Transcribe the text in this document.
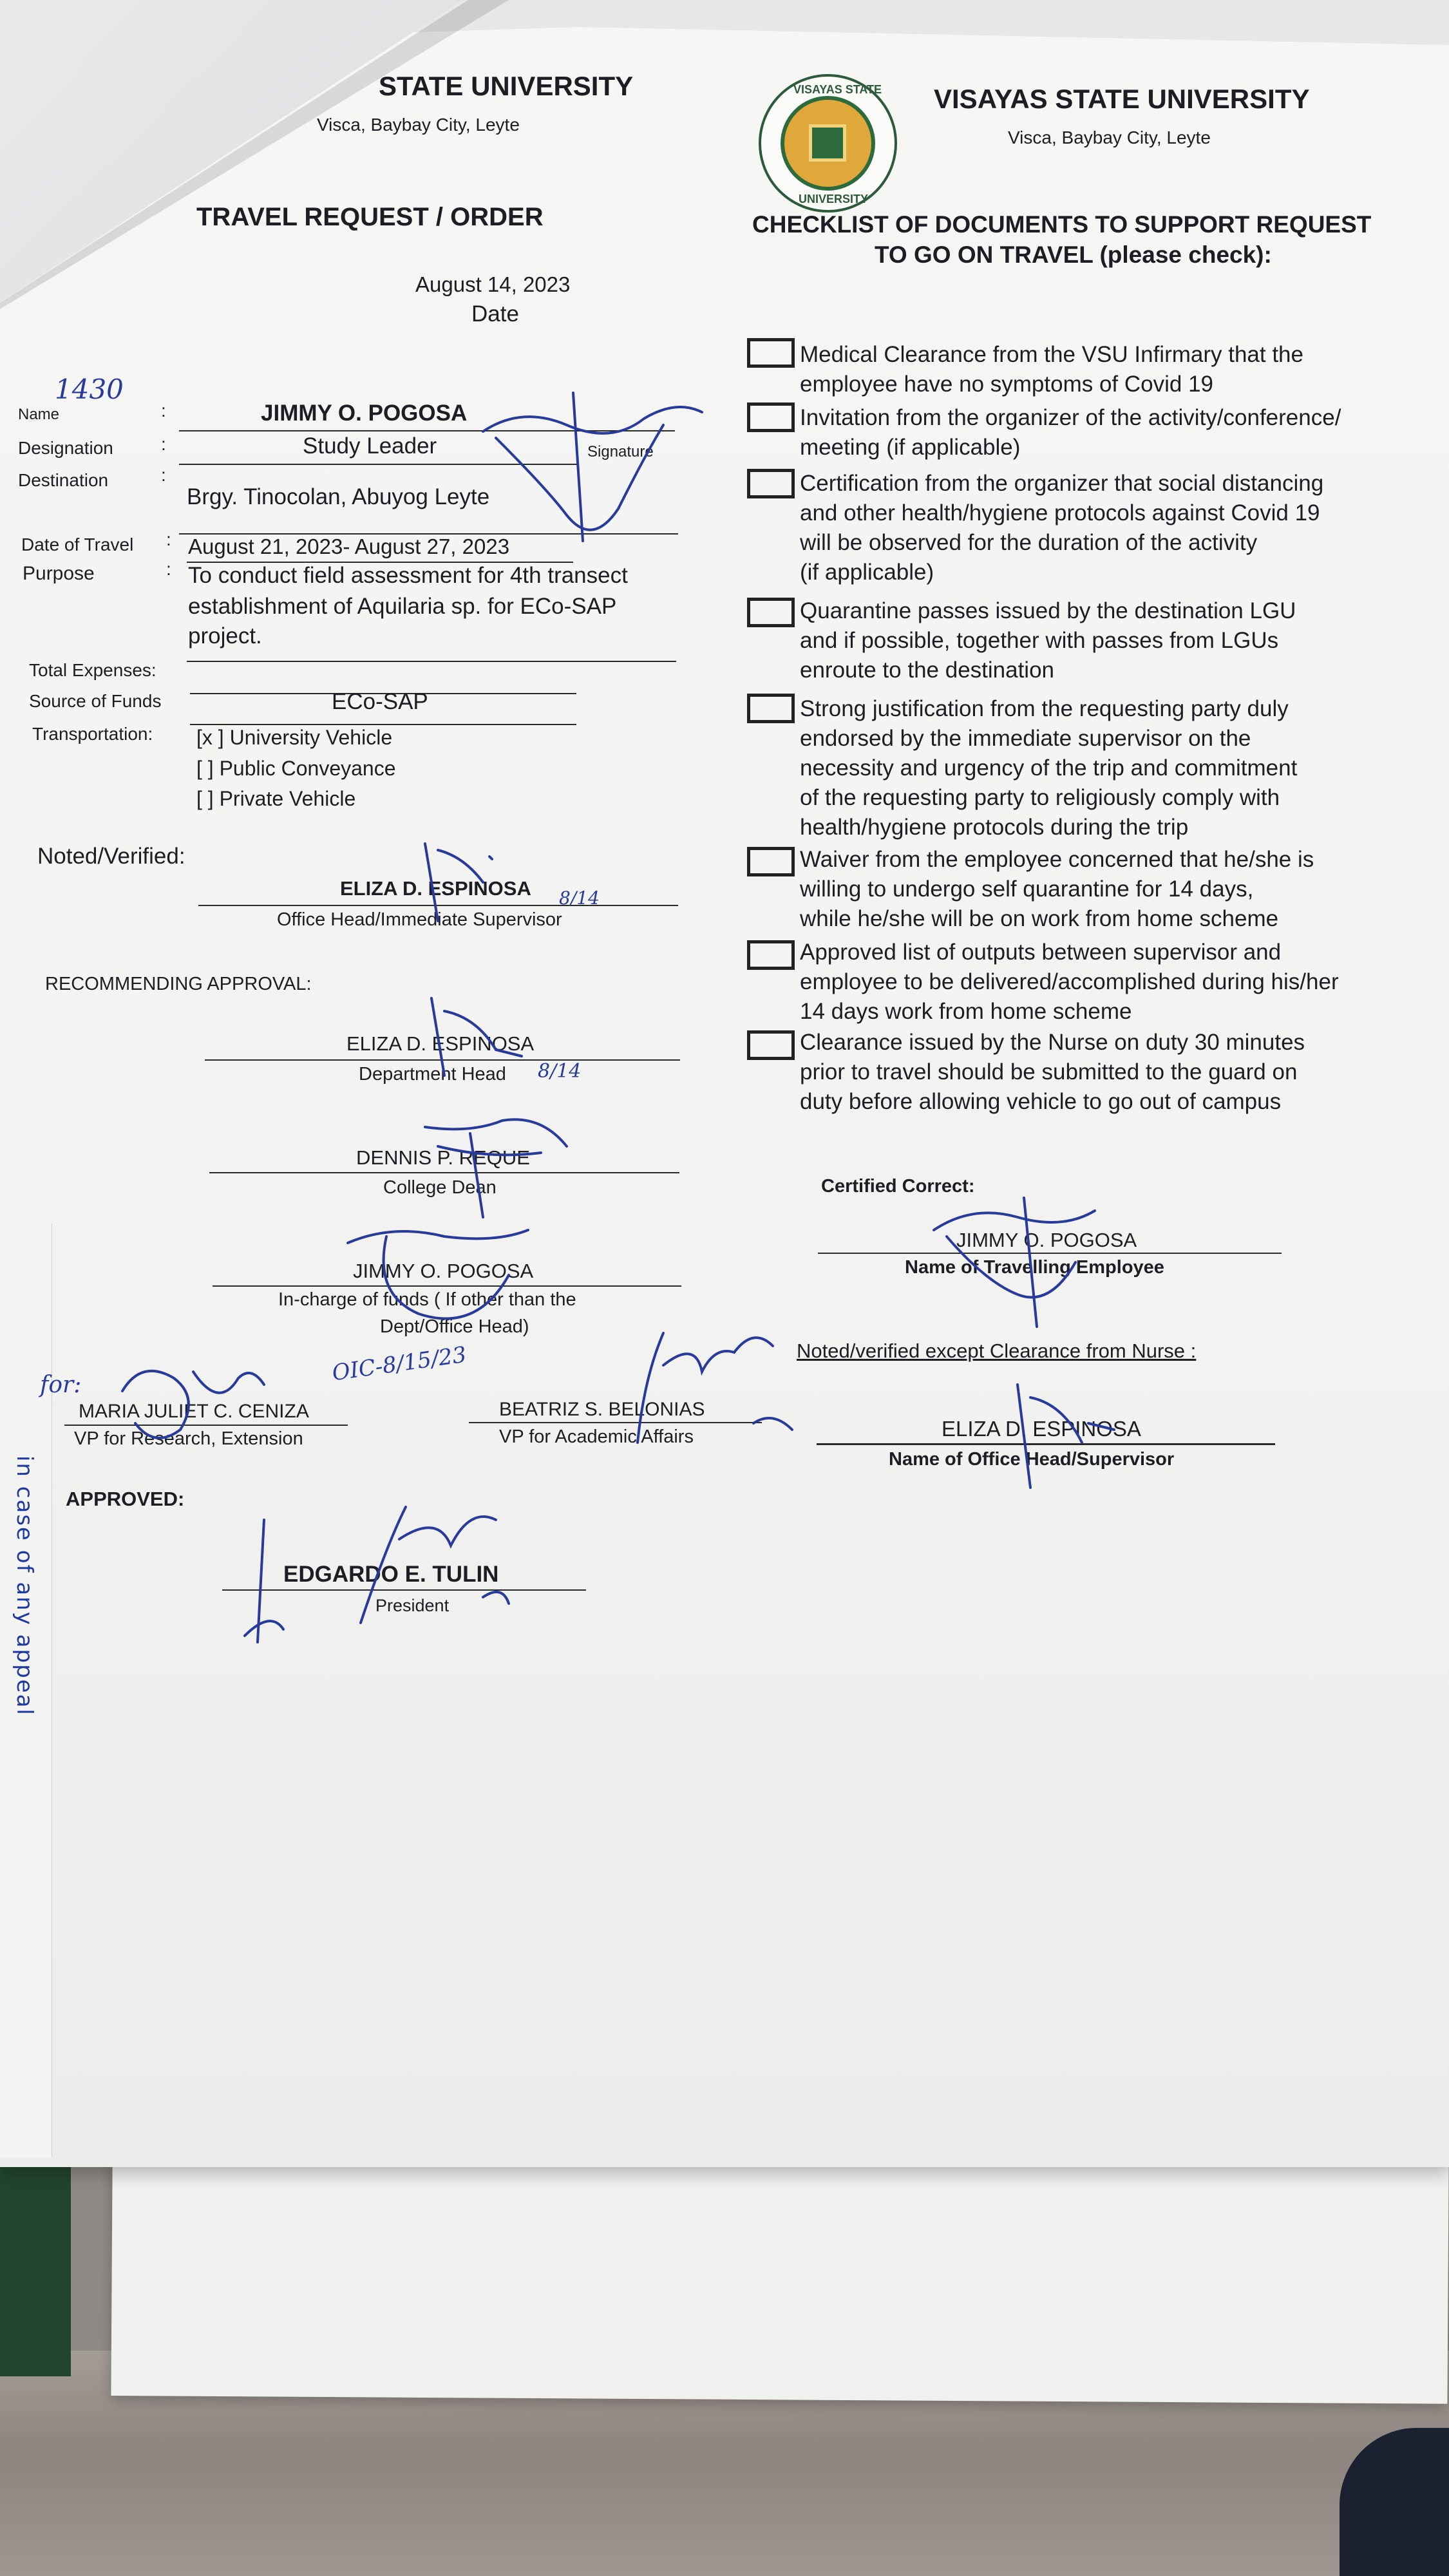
in case of any appeal
STATE UNIVERSITY
Visca, Baybay City, Leyte
VISAYAS STATE
UNIVERSITY
VISAYAS STATE UNIVERSITY
Visca, Baybay City, Leyte
TRAVEL REQUEST / ORDER
August 14, 2023
Date
1430
Name	:	JIMMY O. POGOSA
Signature
Designation	:	Study Leader
Destination	:
Brgy. Tinocolan, Abuyog Leyte
Date of Travel : August 21, 2023- August 27, 2023
Purpose	: To conduct field assessment for 4th transect
establishment of Aquilaria sp. for ECo-SAP
project.
Total Expenses:
Source of Funds	ECo-SAP
Transportation: [x ] University Vehicle
[ ] Public Conveyance
[ ] Private Vehicle
Noted/Verified:
ELIZA D. ESPINOSA
Office Head/Immediate Supervisor
8/14
RECOMMENDING APPROVAL:
ELIZA D. ESPINOSA
Department Head 8/14
DENNIS P. REQUE
College Dean
JIMMY O. POGOSA
In-charge of funds ( If other than the
Dept/Office Head)
OIC-8/15/23
for:
MARIA JULIET C. CENIZA
VP for Research, Extension
BEATRIZ S. BELONIAS
VP for Academic Affairs
APPROVED:
EDGARDO E. TULIN
President
CHECKLIST OF DOCUMENTS TO SUPPORT REQUEST
TO GO ON TRAVEL (please check):
Medical Clearance from the VSU Infirmary that the
employee have no symptoms of Covid 19
Invitation from the organizer of the activity/conference/
meeting (if applicable)
Certification from the organizer that social distancing
and other health/hygiene protocols against Covid 19
will be observed for the duration of the activity
(if applicable)
Quarantine passes issued by the destination LGU
and if possible, together with passes from LGUs
enroute to the destination
Strong justification from the requesting party duly
endorsed by the immediate supervisor on the
necessity and urgency of the trip and commitment
of the requesting party to religiously comply with
health/hygiene protocols during the trip
Waiver from the employee concerned that he/she is
willing to undergo self quarantine for 14 days,
while he/she will be on work from home scheme
Approved list of outputs between supervisor and
employee to be delivered/accomplished during his/her
14 days work from home scheme
Clearance issued by the Nurse on duty 30 minutes
prior to travel should be submitted to the guard on
duty before allowing vehicle to go out of campus
Certified Correct:
JIMMY O. POGOSA
Name of Travelling Employee
Noted/verified except Clearance from Nurse :
ELIZA D. ESPINOSA
Name of Office Head/Supervisor
